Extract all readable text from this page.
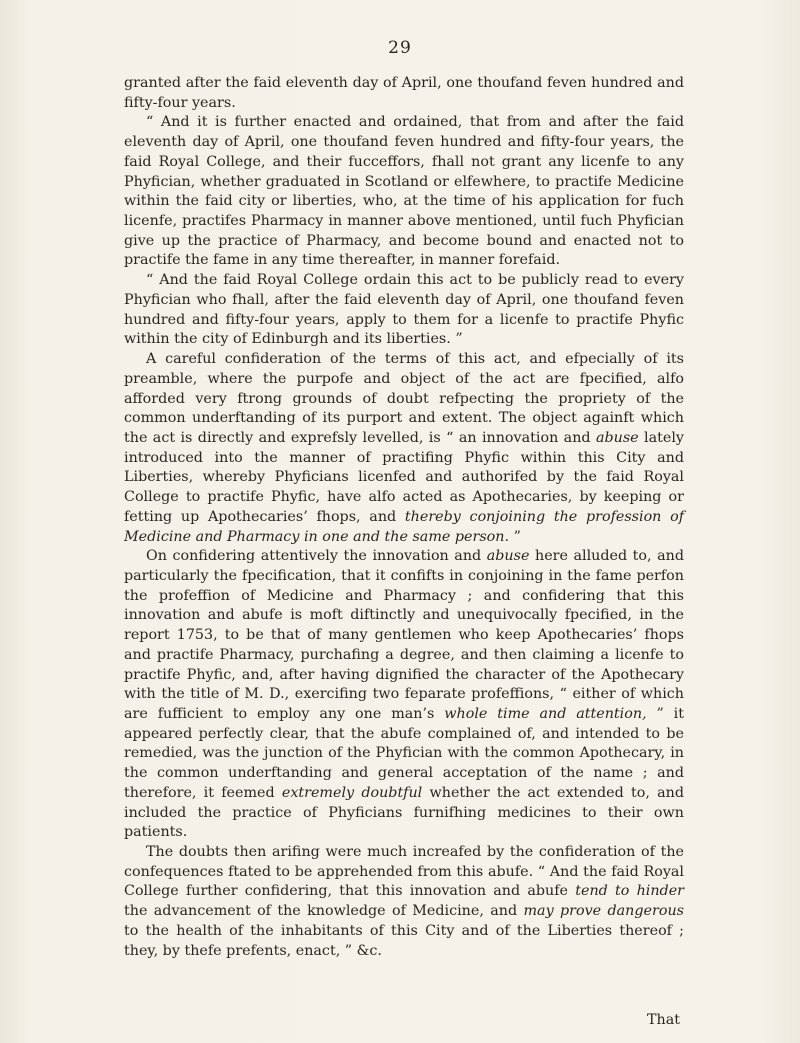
29

granted after the faid eleventh day of April, one thoufand feven hundred and fifty-four years.

“ And it is further enacted and ordained, that from and after the faid eleventh day of April, one thoufand feven hundred and fifty-four years, the faid Royal College, and their fucceffors, fhall not grant any licenfe to any Phyfician, whether graduated in Scotland or elfewhere, to practife Medicine within the faid city or liberties, who, at the time of his application for fuch licenfe, practifes Pharmacy in manner above mentioned, until fuch Phyfician give up the practice of Pharmacy, and become bound and enacted not to practife the fame in any time thereafter, in manner forefaid.

“ And the faid Royal College ordain this act to be publicly read to every Phyfician who fhall, after the faid eleventh day of April, one thoufand feven hundred and fifty-four years, apply to them for a licenfe to practife Phyfic within the city of Edinburgh and its liberties. ”

A careful confideration of the terms of this act, and efpecially of its preamble, where the purpofe and object of the act are fpecified, alfo afforded very ftrong grounds of doubt refpecting the propriety of the common underftanding of its purport and extent. The object againft which the act is directly and exprefsly levelled, is “ an innovation and abuse lately introduced into the manner of practifing Phyfic within this City and Liberties, whereby Phyficians licenfed and authorifed by the faid Royal College to practife Phyfic, have alfo acted as Apothecaries, by keeping or fetting up Apothecaries’ fhops, and thereby conjoining the profession of Medicine and Pharmacy in one and the same person. ”

On confidering attentively the innovation and abuse here alluded to, and particularly the fpecification, that it confifts in conjoining in the fame perfon the profeffion of Medicine and Pharmacy ; and confidering that this innovation and abufe is moft diftinctly and unequivocally fpecified, in the report 1753, to be that of many gentlemen who keep Apothecaries’ fhops and practife Pharmacy, purchafing a degree, and then claiming a licenfe to practife Phyfic, and, after having dignified the character of the Apothecary with the title of M. D., exercifing two feparate profeffions, “ either of which are fufficient to employ any one man’s whole time and attention, ” it appeared perfectly clear, that the abufe complained of, and intended to be remedied, was the junction of the Phyfician with the common Apothecary, in the common underftanding and general acceptation of the name ; and therefore, it feemed extremely doubtful whether the act extended to, and included the practice of Phyficians furnifhing medicines to their own patients.

The doubts then arifing were much increafed by the confideration of the confequences ftated to be apprehended from this abufe. “ And the faid Royal College further confidering, that this innovation and abufe tend to hinder the advancement of the knowledge of Medicine, and may prove dangerous to the health of the inhabitants of this City and of the Liberties thereof ; they, by thefe prefents, enact, ” &c.

That
